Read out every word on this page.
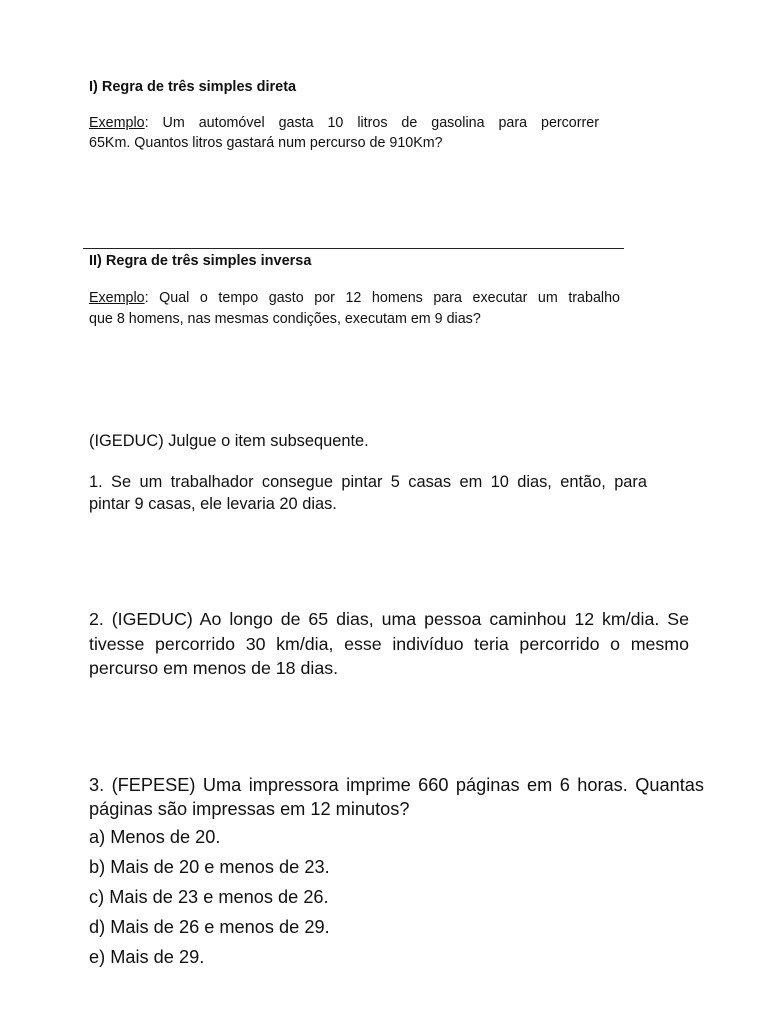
I) Regra de três simples direta
Exemplo: Um automóvel gasta 10 litros de gasolina para percorrer
65Km. Quantos litros gastará num percurso de 910Km?
II) Regra de três simples inversa
Exemplo: Qual o tempo gasto por 12 homens para executar um trabalho
que 8 homens, nas mesmas condições, executam em 9 dias?
(IGEDUC) Julgue o item subsequente.
1. Se um trabalhador consegue pintar 5 casas em 10 dias, então, para
pintar 9 casas, ele levaria 20 dias.
2. (IGEDUC) Ao longo de 65 dias, uma pessoa caminhou 12 km/dia. Se
tivesse percorrido 30 km/dia, esse indivíduo teria percorrido o mesmo
percurso em menos de 18 dias.
3. (FEPESE) Uma impressora imprime 660 páginas em 6 horas. Quantas
páginas são impressas em 12 minutos?
a) Menos de 20.
b) Mais de 20 e menos de 23.
c) Mais de 23 e menos de 26.
d) Mais de 26 e menos de 29.
e) Mais de 29.
